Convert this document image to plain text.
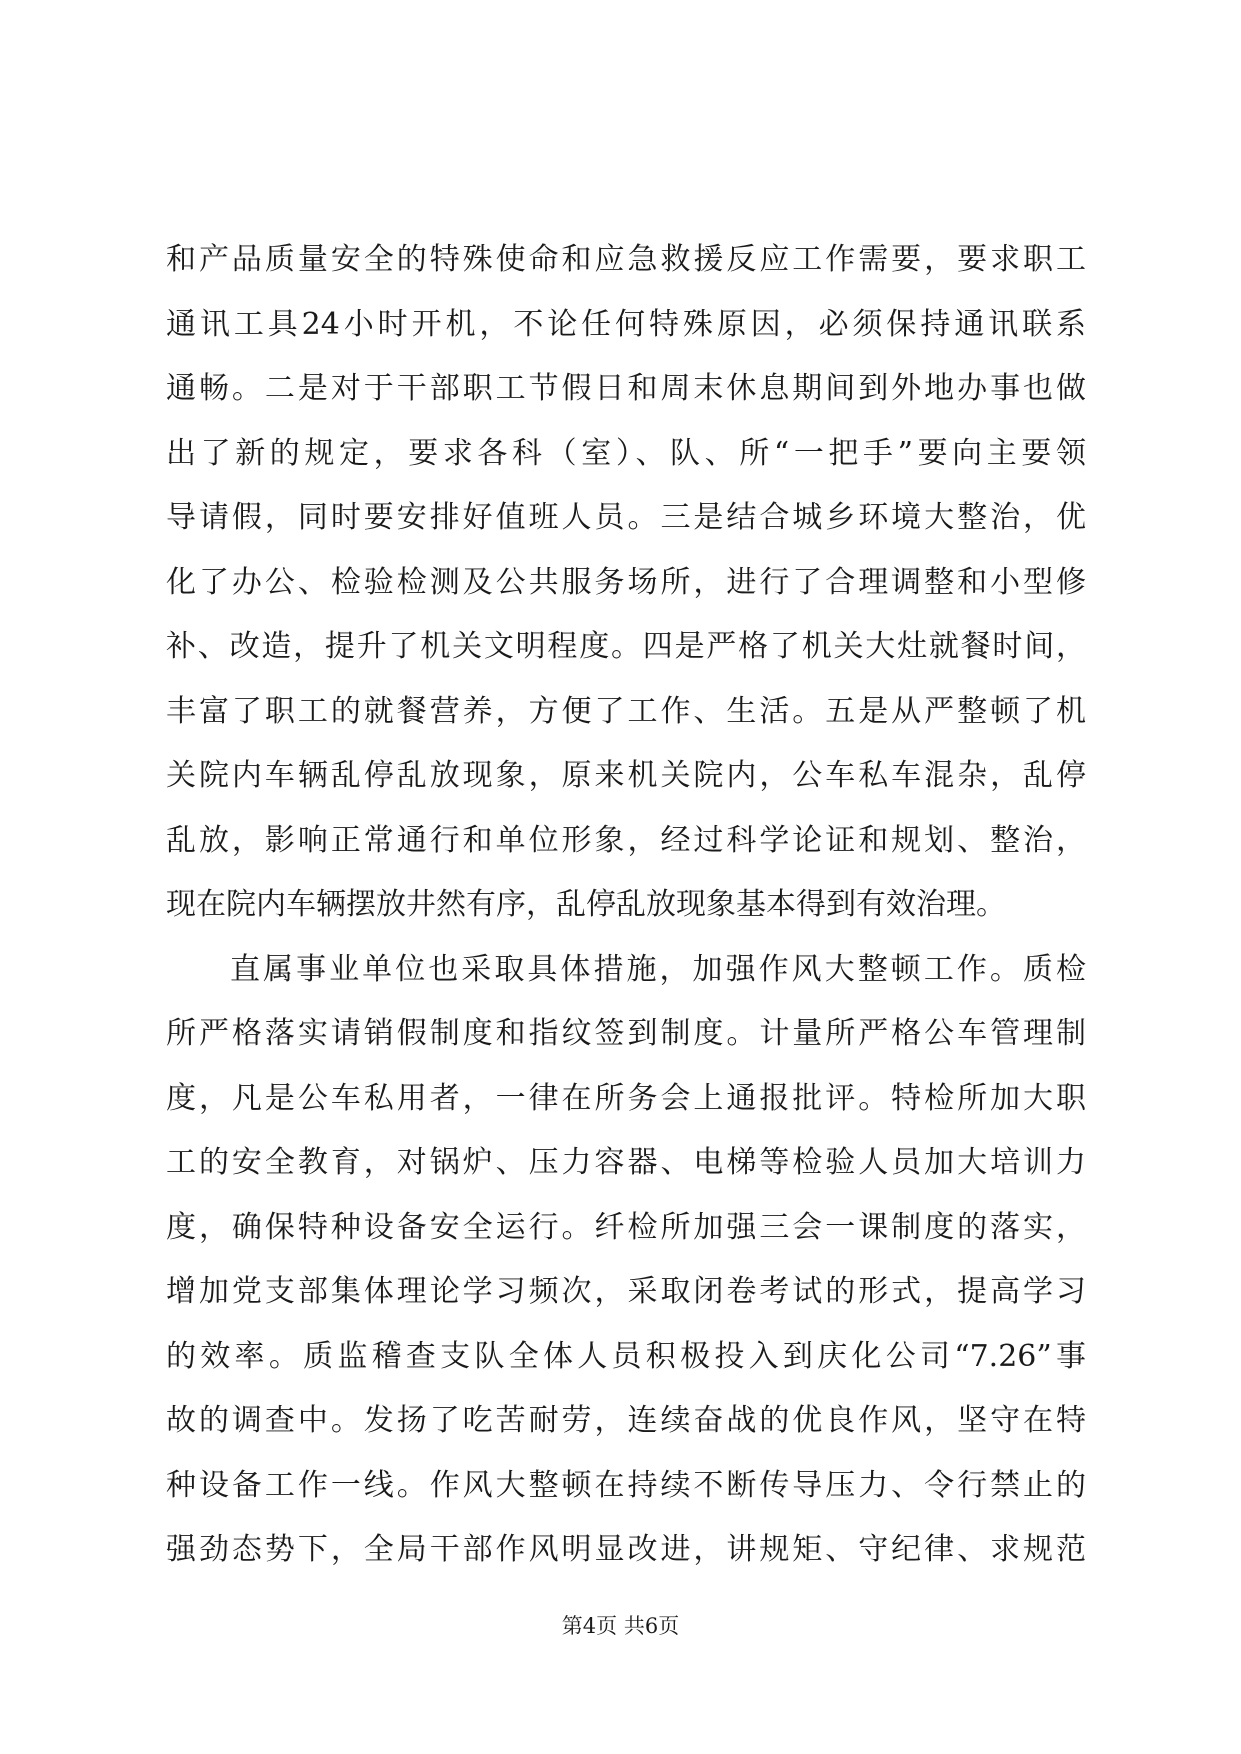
和产品质量安全的特殊使命和应急救援反应工作需要，要求职工
通讯工具24小时开机，不论任何特殊原因，必须保持通讯联系
通畅。二是对于干部职工节假日和周末休息期间到外地办事也做
出了新的规定，要求各科（室）、队、所“一把手”要向主要领
导请假，同时要安排好值班人员。三是结合城乡环境大整治，优
化了办公、检验检测及公共服务场所，进行了合理调整和小型修
补、改造，提升了机关文明程度。四是严格了机关大灶就餐时间，
丰富了职工的就餐营养，方便了工作、生活。五是从严整顿了机
关院内车辆乱停乱放现象，原来机关院内，公车私车混杂，乱停
乱放，影响正常通行和单位形象，经过科学论证和规划、整治，
现在院内车辆摆放井然有序，乱停乱放现象基本得到有效治理。
直属事业单位也采取具体措施，加强作风大整顿工作。质检
所严格落实请销假制度和指纹签到制度。计量所严格公车管理制
度，凡是公车私用者，一律在所务会上通报批评。特检所加大职
工的安全教育，对锅炉、压力容器、电梯等检验人员加大培训力
度，确保特种设备安全运行。纤检所加强三会一课制度的落实，
增加党支部集体理论学习频次，采取闭卷考试的形式，提高学习
的效率。质监稽查支队全体人员积极投入到庆化公司“7.26”事
故的调查中。发扬了吃苦耐劳，连续奋战的优良作风，坚守在特
种设备工作一线。作风大整顿在持续不断传导压力、令行禁止的
强劲态势下，全局干部作风明显改进，讲规矩、守纪律、求规范
第4页 共6页
